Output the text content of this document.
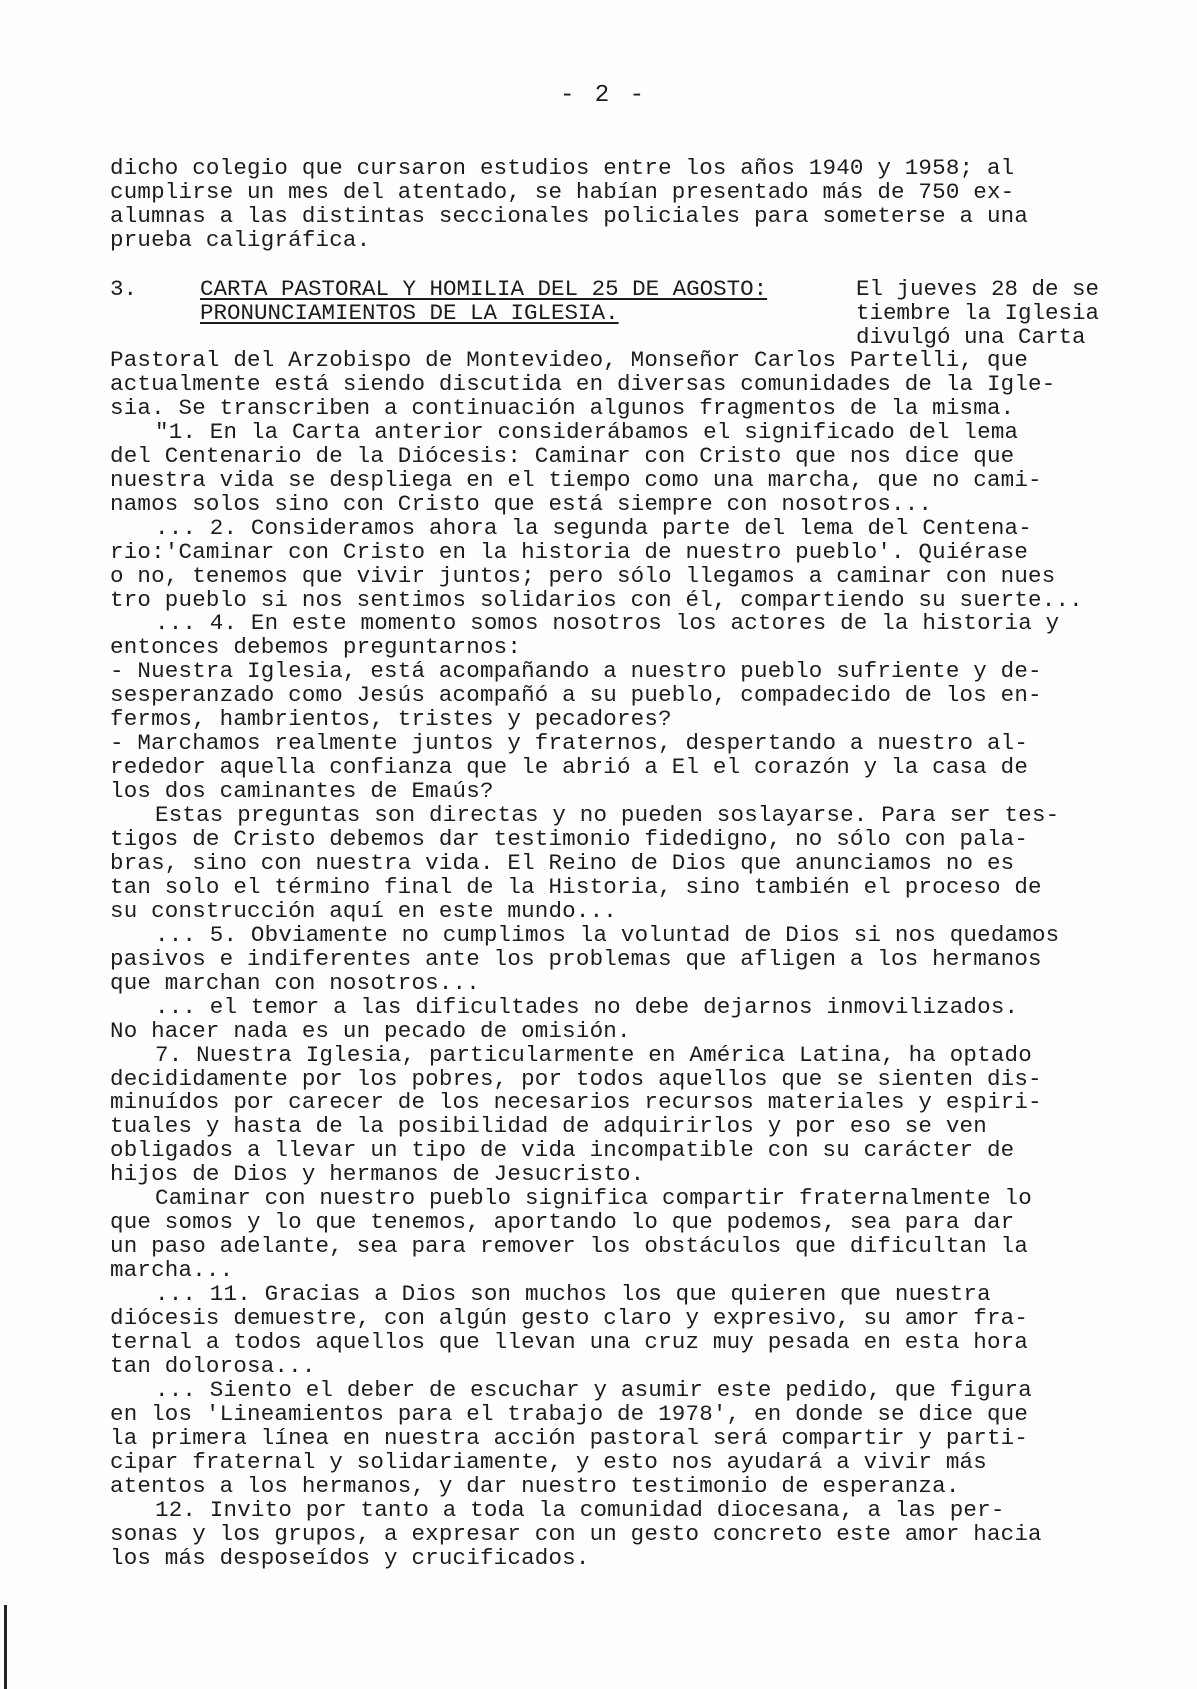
- 2 -
dicho colegio que cursaron estudios entre los años 1940 y 1958; al
cumplirse un mes del atentado, se habían presentado más de 750 ex-
alumnas a las distintas seccionales policiales para someterse a una
prueba caligráfica.
3.	CARTA PASTORAL Y HOMILIA DEL 25 DE AGOSTO:
PRONUNCIAMIENTOS DE LA IGLESIA.
El jueves 28 de se
tiembre la Iglesia
divulgó una Carta
Pastoral del Arzobispo de Montevideo, Monseñor Carlos Partelli, que
actualmente está siendo discutida en diversas comunidades de la Igle-
sia. Se transcriben a continuación algunos fragmentos de la misma.
"1. En la Carta anterior considerábamos el significado del lema
del Centenario de la Diócesis: Caminar con Cristo que nos dice que
nuestra vida se despliega en el tiempo como una marcha, que no cami-
namos solos sino con Cristo que está siempre con nosotros...
... 2. Consideramos ahora la segunda parte del lema del Centena-
rio:'Caminar con Cristo en la historia de nuestro pueblo'. Quiérase
o no, tenemos que vivir juntos; pero sólo llegamos a caminar con nues
tro pueblo si nos sentimos solidarios con él, compartiendo su suerte...
... 4. En este momento somos nosotros los actores de la historia y
entonces debemos preguntarnos:
- Nuestra Iglesia, está acompañando a nuestro pueblo sufriente y de-
sesperanzado como Jesús acompañó a su pueblo, compadecido de los en-
fermos, hambrientos, tristes y pecadores?
- Marchamos realmente juntos y fraternos, despertando a nuestro al-
rededor aquella confianza que le abrió a El el corazón y la casa de
los dos caminantes de Emaús?
Estas preguntas son directas y no pueden soslayarse. Para ser tes-
tigos de Cristo debemos dar testimonio fidedigno, no sólo con pala-
bras, sino con nuestra vida. El Reino de Dios que anunciamos no es
tan solo el término final de la Historia, sino también el proceso de
su construcción aquí en este mundo...
... 5. Obviamente no cumplimos la voluntad de Dios si nos quedamos
pasivos e indiferentes ante los problemas que afligen a los hermanos
que marchan con nosotros...
... el temor a las dificultades no debe dejarnos inmovilizados.
No hacer nada es un pecado de omisión.
7. Nuestra Iglesia, particularmente en América Latina, ha optado
decididamente por los pobres, por todos aquellos que se sienten dis-
minuídos por carecer de los necesarios recursos materiales y espiri-
tuales y hasta de la posibilidad de adquirirlos y por eso se ven
obligados a llevar un tipo de vida incompatible con su carácter de
hijos de Dios y hermanos de Jesucristo.
Caminar con nuestro pueblo significa compartir fraternalmente lo
que somos y lo que tenemos, aportando lo que podemos, sea para dar
un paso adelante, sea para remover los obstáculos que dificultan la
marcha...
... 11. Gracias a Dios son muchos los que quieren que nuestra
diócesis demuestre, con algún gesto claro y expresivo, su amor fra-
ternal a todos aquellos que llevan una cruz muy pesada en esta hora
tan dolorosa...
... Siento el deber de escuchar y asumir este pedido, que figura
en los 'Lineamientos para el trabajo de 1978', en donde se dice que
la primera línea en nuestra acción pastoral será compartir y parti-
cipar fraternal y solidariamente, y esto nos ayudará a vivir más
atentos a los hermanos, y dar nuestro testimonio de esperanza.
12. Invito por tanto a toda la comunidad diocesana, a las per-
sonas y los grupos, a expresar con un gesto concreto este amor hacia
los más desposeídos y crucificados.
